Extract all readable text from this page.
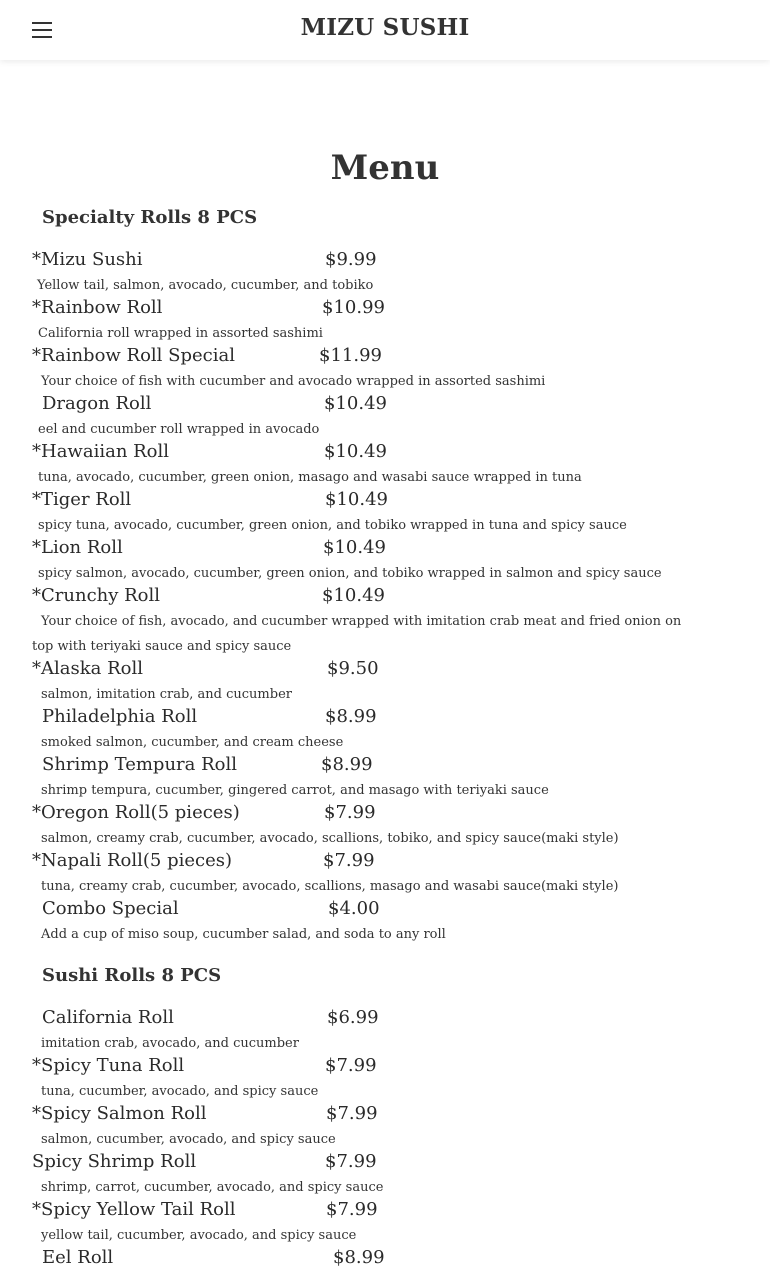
MIZU SUSHI
Menu
Specialty Rolls 8 PCS
*Mizu Sushi	$9.99
Yellow tail, salmon, avocado, cucumber, and tobiko
*Rainbow Roll	$10.99
California roll wrapped in assorted sashimi
*Rainbow Roll Special	$11.99
Your choice of fish with cucumber and avocado wrapped in assorted sashimi
Dragon Roll	$10.49
eel and cucumber roll wrapped in avocado
*Hawaiian Roll	$10.49
tuna, avocado, cucumber, green onion, masago and wasabi sauce wrapped in tuna
*Tiger Roll	$10.49
spicy tuna, avocado, cucumber, green onion, and tobiko wrapped in tuna and spicy sauce
*Lion Roll	$10.49
spicy salmon, avocado, cucumber, green onion, and tobiko wrapped in salmon and spicy sauce
*Crunchy Roll	$10.49
Your choice of fish, avocado, and cucumber wrapped with imitation crab meat and fried onion on top with teriyaki sauce and spicy sauce
*Alaska Roll	$9.50
salmon, imitation crab, and cucumber
Philadelphia Roll	$8.99
smoked salmon, cucumber, and cream cheese
Shrimp Tempura Roll	$8.99
shrimp tempura, cucumber, gingered carrot, and masago with teriyaki sauce
*Oregon Roll(5 pieces)	$7.99
salmon, creamy crab, cucumber, avocado, scallions, tobiko, and spicy sauce(maki style)
*Napali Roll(5 pieces)	$7.99
tuna, creamy crab, cucumber, avocado, scallions, masago and wasabi sauce(maki style)
Combo Special	$4.00
Add a cup of miso soup, cucumber salad, and soda to any roll
Sushi Rolls 8 PCS
California Roll	$6.99
imitation crab, avocado, and cucumber
*Spicy Tuna Roll	$7.99
tuna, cucumber, avocado, and spicy sauce
*Spicy Salmon Roll	$7.99
salmon, cucumber, avocado, and spicy sauce
Spicy Shrimp Roll	$7.99
shrimp, carrot, cucumber, avocado, and spicy sauce
*Spicy Yellow Tail Roll	$7.99
yellow tail, cucumber, avocado, and spicy sauce
Eel Roll	$8.99
